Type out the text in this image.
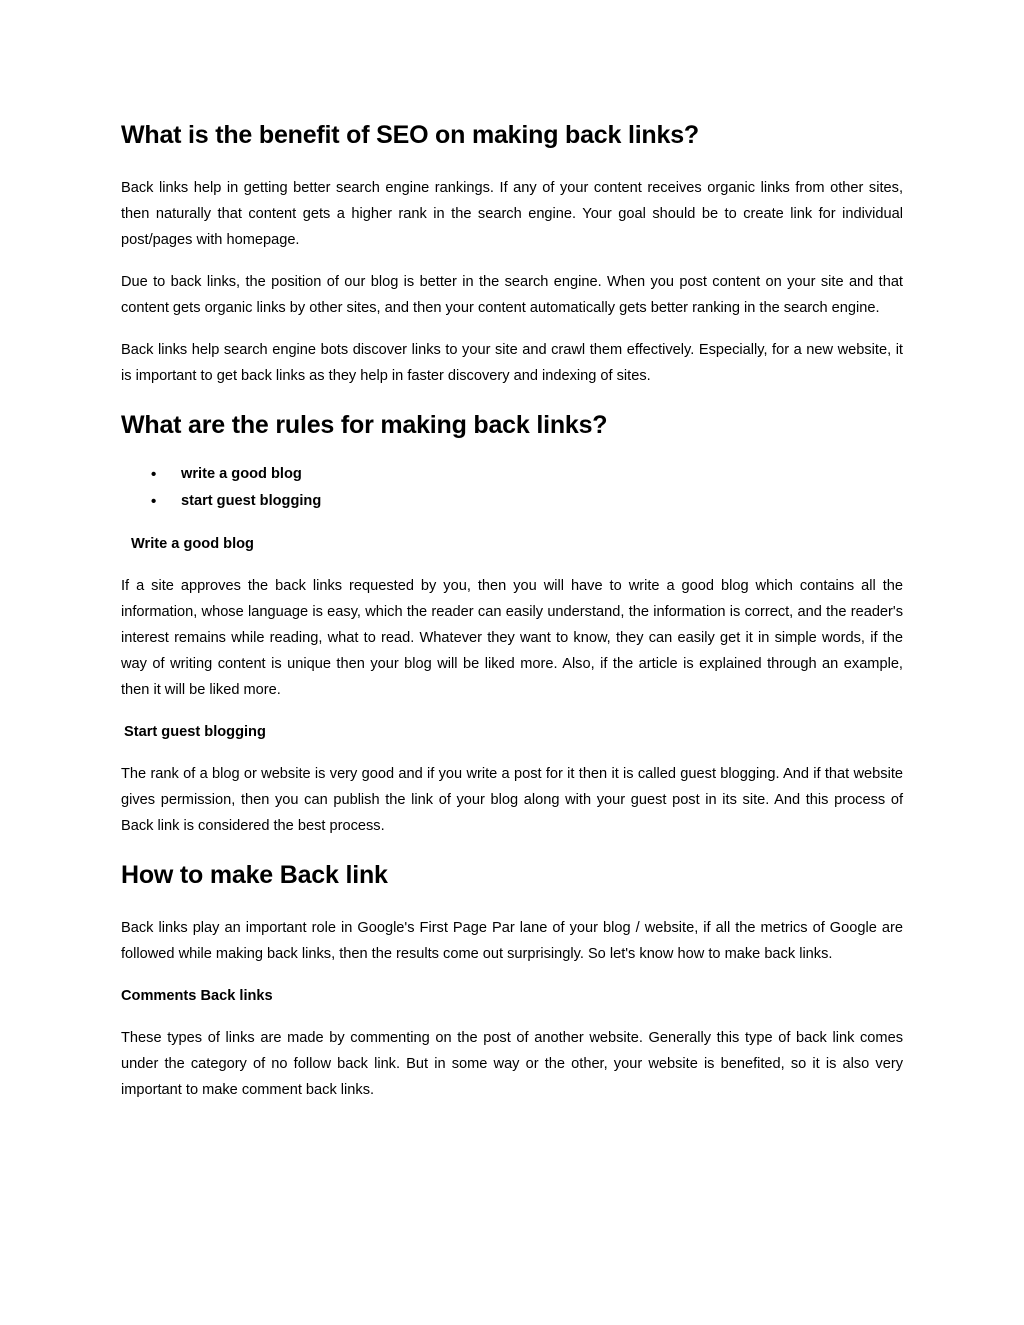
What is the benefit of SEO on making back links?

Back links help in getting better search engine rankings. If any of your content receives organic links from other sites, then naturally that content gets a higher rank in the search engine. Your goal should be to create link for individual post/pages with homepage.

Due to back links, the position of our blog is better in the search engine. When you post content on your site and that content gets organic links by other sites, and then your content automatically gets better ranking in the search engine.

Back links help search engine bots discover links to your site and crawl them effectively. Especially, for a new website, it is important to get back links as they help in faster discovery and indexing of sites.

What are the rules for making back links?
• write a good blog
• start guest blogging
Write a good blog

If a site approves the back links requested by you, then you will have to write a good blog which contains all the information, whose language is easy, which the reader can easily understand, the information is correct, and the reader's interest remains while reading, what to read. Whatever they want to know, they can easily get it in simple words, if the way of writing content is unique then your blog will be liked more. Also, if the article is explained through an example, then it will be liked more.

Start guest blogging

The rank of a blog or website is very good and if you write a post for it then it is called guest blogging. And if that website gives permission, then you can publish the link of your blog along with your guest post in its site. And this process of Back link is considered the best process.

How to make Back link

Back links play an important role in Google's First Page Par lane of your blog / website, if all the metrics of Google are followed while making back links, then the results come out surprisingly. So let's know how to make back links.

Comments Back links

These types of links are made by commenting on the post of another website. Generally this type of back link comes under the category of no follow back link. But in some way or the other, your website is benefited, so it is also very important to make comment back links.
